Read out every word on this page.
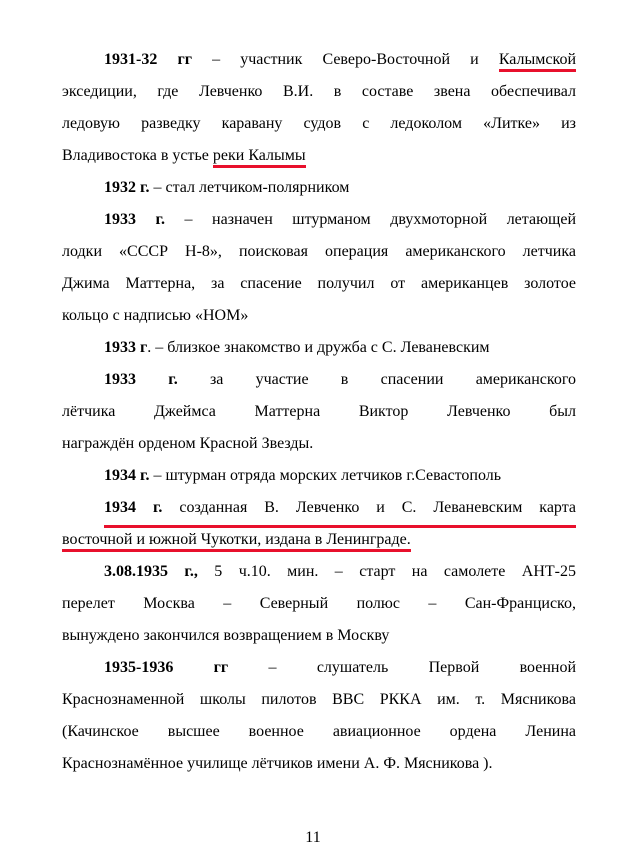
1931-32 гг – участник Северо-Восточной и Калымской
экседиции, где Левченко В.И. в составе звена обеспечивал
ледовую разведку каравану судов с ледоколом «Литке» из
Владивостока в устье реки Калымы
1932 г. – стал летчиком-полярником
1933 г. – назначен штурманом двухмоторной летающей
лодки «СССР Н-8», поисковая операция американского летчика
Джима Маттерна, за спасение получил от американцев золотое
кольцо с надписью «НОМ»
1933 г. – близкое знакомство и дружба с С. Леваневским
1933 г. за участие в спасении американского
лётчика Джеймса Маттерна Виктор Левченко был
награждён орденом Красной Звезды.
1934 г. – штурман отряда морских летчиков г.Севастополь
1934 г. созданная В. Левченко и С. Леваневским карта
восточной и южной Чукотки, издана в Ленинграде.
3.08.1935 г., 5 ч.10. мин. – старт на самолете АНТ-25
перелет Москва – Северный полюс – Сан-Франциско,
вынуждено закончился возвращением в Москву
1935-1936 гг – слушатель Первой военной
Краснознаменной школы пилотов ВВС РККА им. т. Мясникова
(Качинское высшее военное авиационное ордена Ленина
Краснознамённое училище лётчиков имени А. Ф. Мясникова ).
11
